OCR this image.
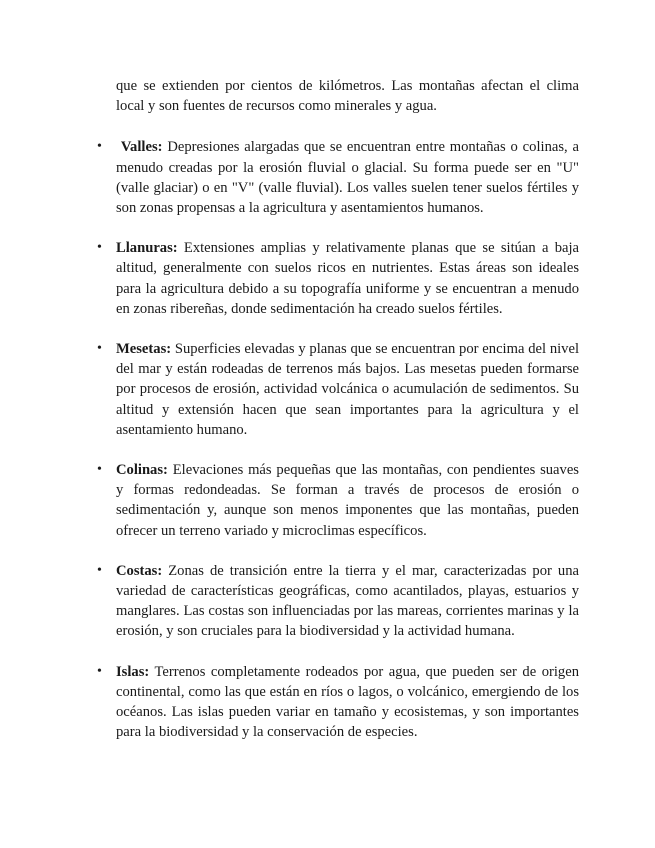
que se extienden por cientos de kilómetros. Las montañas afectan el clima local y son fuentes de recursos como minerales y agua.

•	Valles: Depresiones alargadas que se encuentran entre montañas o colinas, a menudo creadas por la erosión fluvial o glacial. Su forma puede ser en "U" (valle glaciar) o en "V" (valle fluvial). Los valles suelen tener suelos fértiles y son zonas propensas a la agricultura y asentamientos humanos.

• Llanuras: Extensiones amplias y relativamente planas que se sitúan a baja altitud, generalmente con suelos ricos en nutrientes. Estas áreas son ideales para la agricultura debido a su topografía uniforme y se encuentran a menudo en zonas ribereñas, donde sedimentación ha creado suelos fértiles.

• Mesetas: Superficies elevadas y planas que se encuentran por encima del nivel del mar y están rodeadas de terrenos más bajos. Las mesetas pueden formarse por procesos de erosión, actividad volcánica o acumulación de sedimentos. Su altitud y extensión hacen que sean importantes para la agricultura y el asentamiento humano.

• Colinas: Elevaciones más pequeñas que las montañas, con pendientes suaves y formas redondeadas. Se forman a través de procesos de erosión o sedimentación y, aunque son menos imponentes que las montañas, pueden ofrecer un terreno variado y microclimas específicos.

• Costas: Zonas de transición entre la tierra y el mar, caracterizadas por una variedad de características geográficas, como acantilados, playas, estuarios y manglares. Las costas son influenciadas por las mareas, corrientes marinas y la erosión, y son cruciales para la biodiversidad y la actividad humana.

• Islas: Terrenos completamente rodeados por agua, que pueden ser de origen continental, como las que están en ríos o lagos, o volcánico, emergiendo de los océanos. Las islas pueden variar en tamaño y ecosistemas, y son importantes para la biodiversidad y la conservación de especies.
